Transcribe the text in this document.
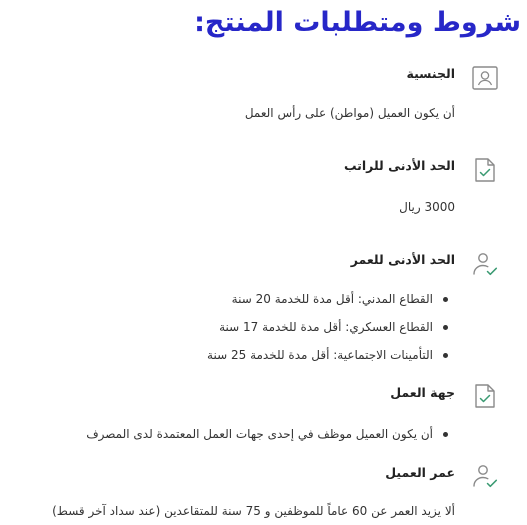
شروط ومتطلبات المنتج:
الجنسية
أن يكون العميل (مواطن) على رأس العمل
الحد الأدنى للراتب
3000 ريال
الحد الأدنى للعمر
القطاع المدني: أقل مدة للخدمة 20 سنة
القطاع العسكري: أقل مدة للخدمة 17 سنة
التأمينات الاجتماعية: أقل مدة للخدمة 25 سنة
جهة العمل
أن يكون العميل موظف في إحدى جهات العمل المعتمدة لدى المصرف
عمر العميل
ألا يزيد العمر عن 60 عاماً للموظفين و 75 سنة للمتقاعدين (عند سداد آخر قسط)
